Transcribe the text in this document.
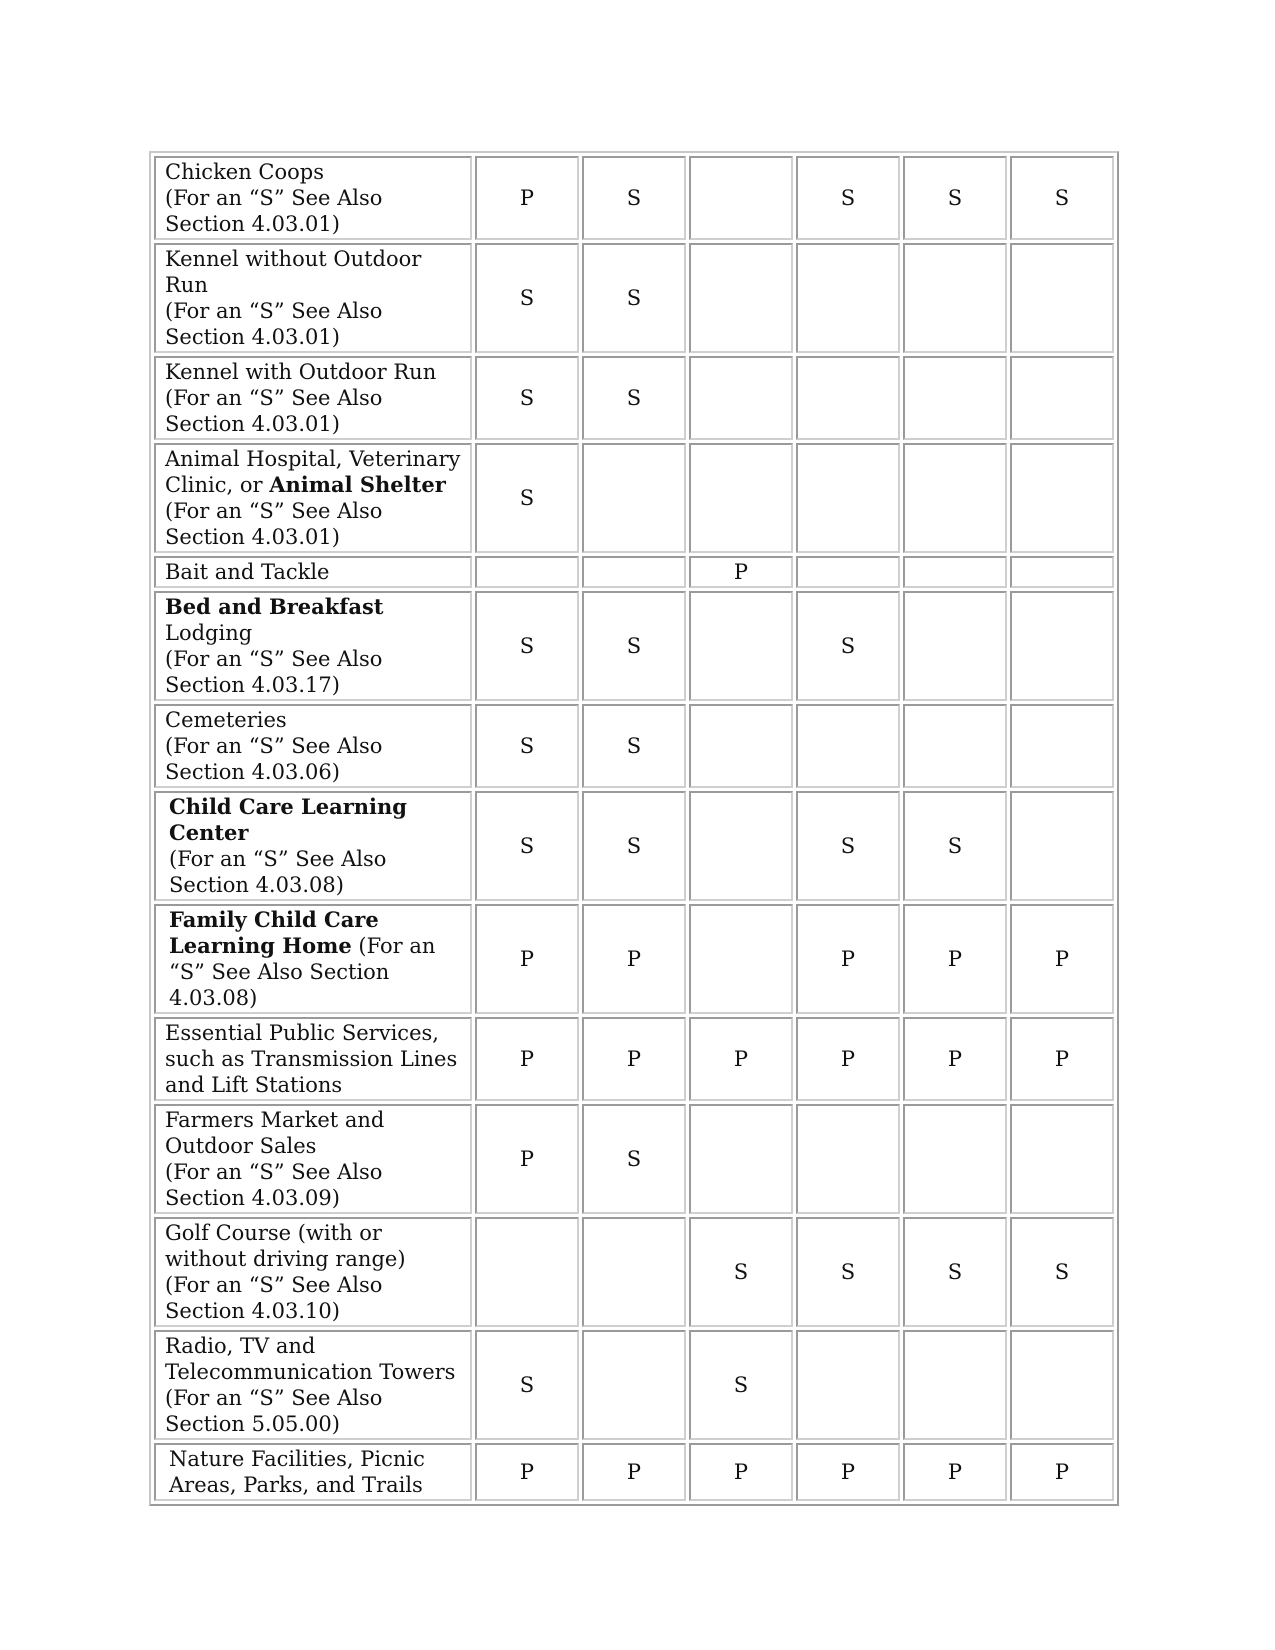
Chicken Coops
(For an “S” See Also Section 4.03.01)	P	S		S	S	S
Kennel without Outdoor Run
(For an “S” See Also Section 4.03.01)	S	S				
Kennel with Outdoor Run
(For an “S” See Also Section 4.03.01)	S	S				
Animal Hospital, Veterinary Clinic, or Animal Shelter
(For an “S” See Also Section 4.03.01)	S					
Bait and Tackle			P			
Bed and Breakfast Lodging
(For an “S” See Also Section 4.03.17)	S	S		S		
Cemeteries
(For an “S” See Also Section 4.03.06)	S	S				
Child Care Learning Center
(For an “S” See Also Section 4.03.08)	S	S		S	S	
Family Child Care Learning Home (For an “S” See Also Section 4.03.08)	P	P		P	P	P
Essential Public Services, such as Transmission Lines and Lift Stations	P	P	P	P	P	P
Farmers Market and Outdoor Sales
(For an “S” See Also Section 4.03.09)	P	S				
Golf Course (with or without driving range)
(For an “S” See Also Section 4.03.10)			S	S	S	S
Radio, TV and Telecommunication Towers
(For an “S” See Also Section 5.05.00)	S		S			
Nature Facilities, Picnic Areas, Parks, and Trails	P	P	P	P	P	P
